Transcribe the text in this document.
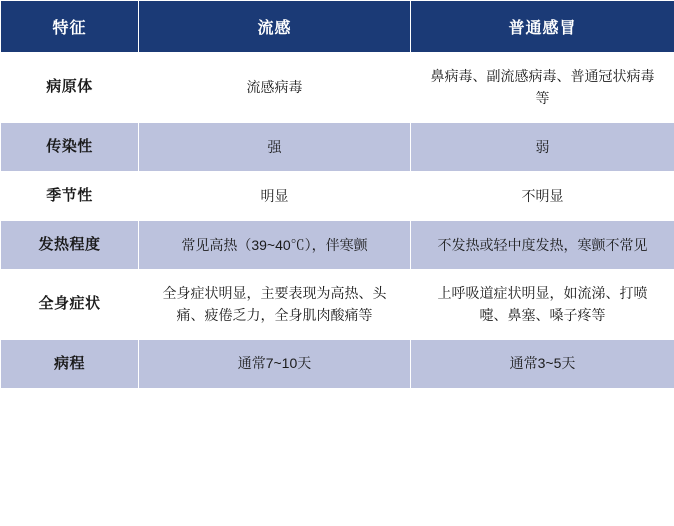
特征	流感	普通感冒
病原体	流感病毒	鼻病毒、副流感病毒、普通冠状病毒等
传染性	强	弱
季节性	明显	不明显
发热程度	常见高热（39~40℃），伴寒颤	不发热或轻中度发热，寒颤不常见
全身症状	全身症状明显，主要表现为高热、头痛、疲倦乏力，全身肌肉酸痛等	上呼吸道症状明显，如流涕、打喷嚏、鼻塞、嗓子疼等
病程	通常7~10天	通常3~5天
